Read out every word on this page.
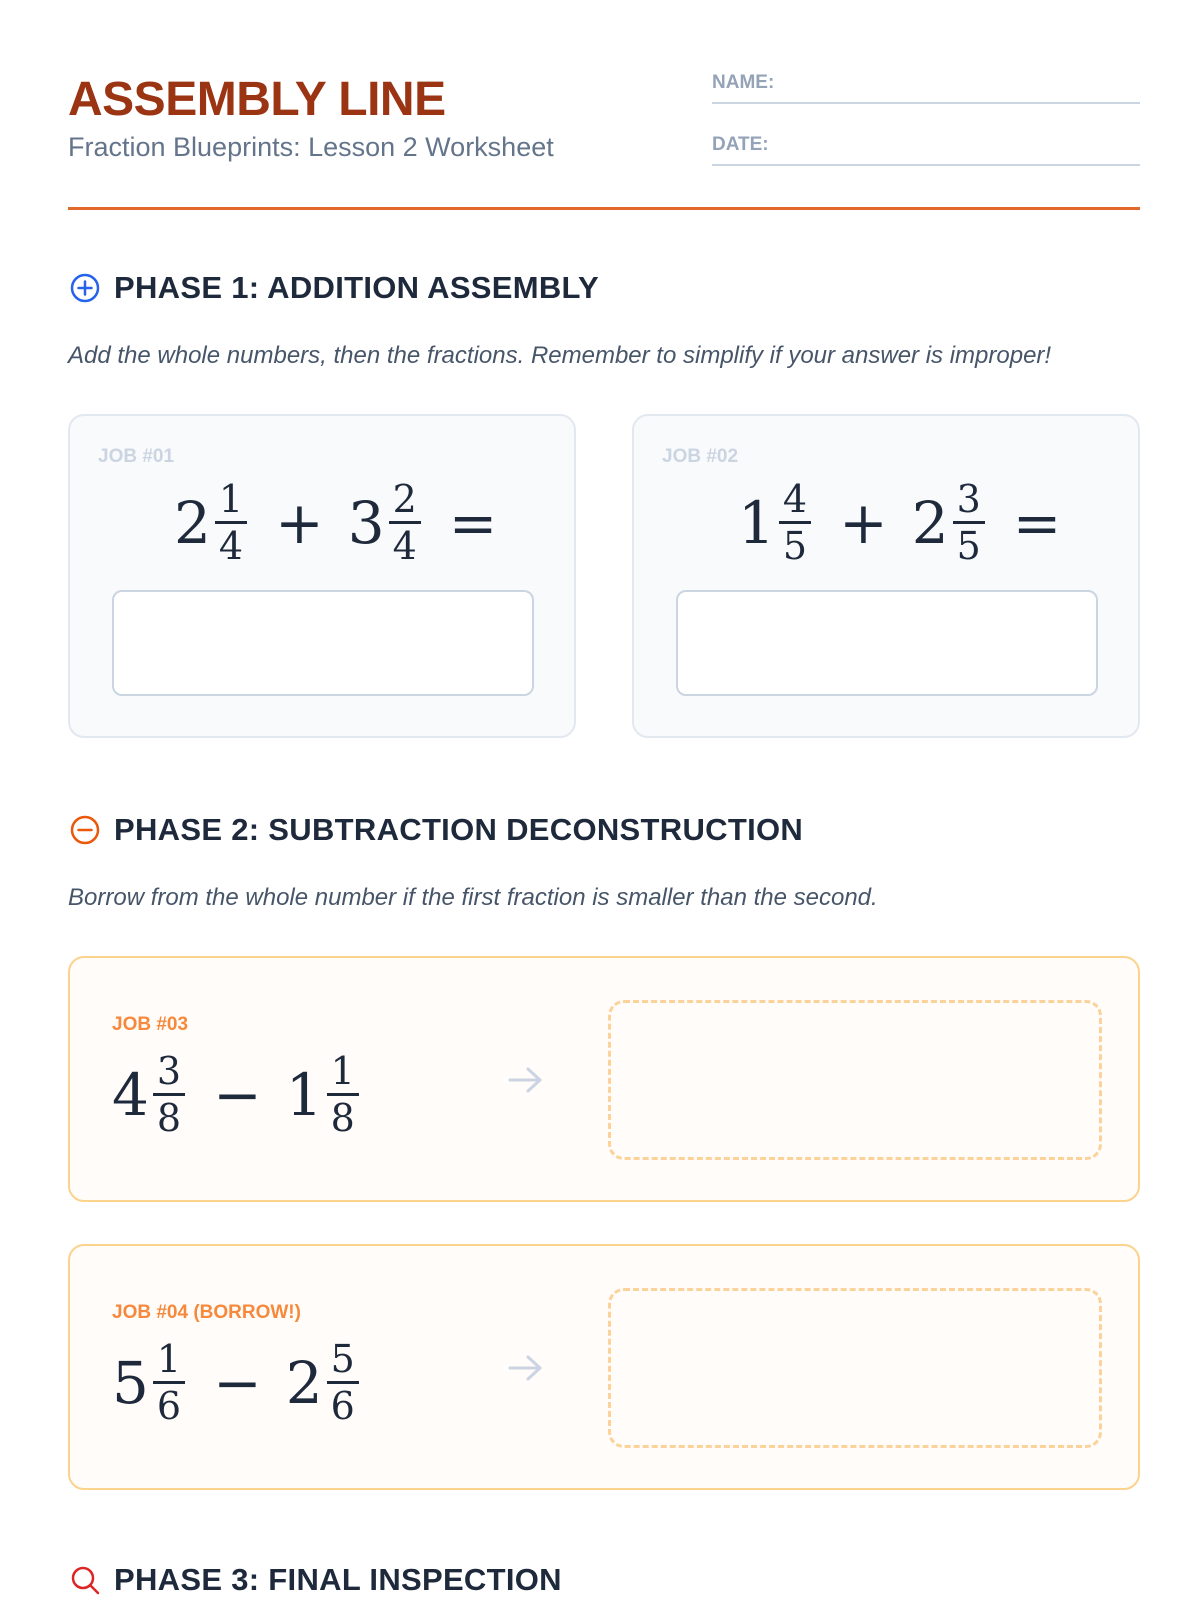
ASSEMBLY LINE
Fraction Blueprints: Lesson 2 Worksheet
NAME:
DATE:
PHASE 1: ADDITION ASSEMBLY
Add the whole numbers, then the fractions. Remember to simplify if your answer is improper!
JOB #01
$2 \frac{1}{4} + 3 \frac{2}{4}$ =
JOB #02
$1 \frac{4}{5} + 2 \frac{3}{5}$ =
PHASE 2: SUBTRACTION DECONSTRUCTION
Borrow from the whole number if the first fraction is smaller than the second.
JOB #03
$4 \frac{3}{8} - 1 \frac{1}{8}$
JOB #04 (BORROW!)
$5 \frac{1}{6} - 2 \frac{5}{6}$
PHASE 3: FINAL INSPECTION
